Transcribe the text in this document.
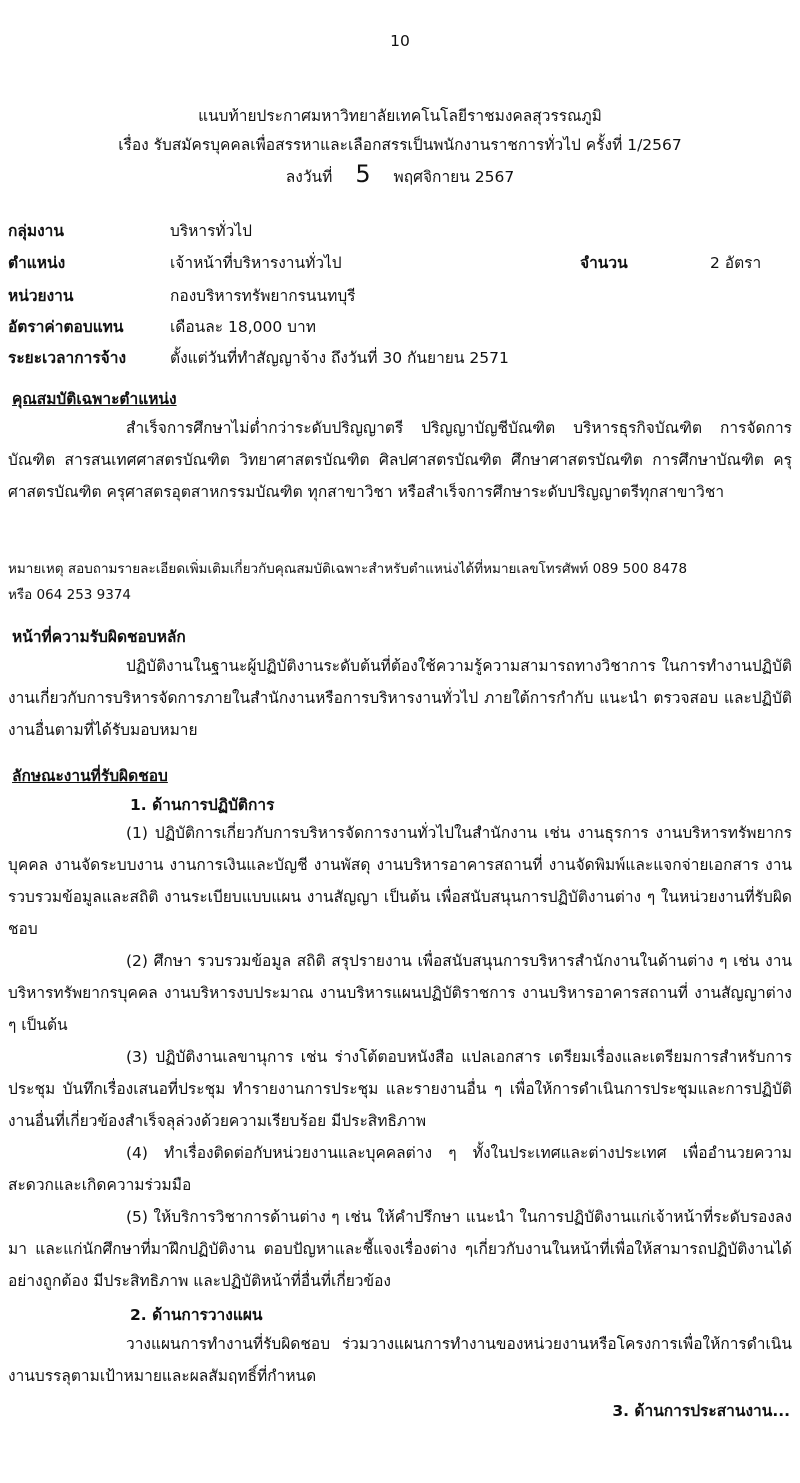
10
แนบท้ายประกาศมหาวิทยาลัยเทคโนโลยีราชมงคลสุวรรณภูมิ
เรื่อง รับสมัครบุคคลเพื่อสรรหาและเลือกสรรเป็นพนักงานราชการทั่วไป ครั้งที่ 1/2567
ลงวันที่ 5 พฤศจิกายน 2567
กลุ่มงาน	บริหารทั่วไป
ตำแหน่ง	เจ้าหน้าที่บริหารงานทั่วไป	จำนวน	2 อัตรา
หน่วยงาน	กองบริหารทรัพยากรนนทบุรี
อัตราค่าตอบแทน	เดือนละ 18,000 บาท
ระยะเวลาการจ้าง	ตั้งแต่วันที่ทำสัญญาจ้าง ถึงวันที่ 30 กันยายน 2571
คุณสมบัติเฉพาะตำแหน่ง
สำเร็จการศึกษาไม่ต่ำกว่าระดับปริญญาตรี ปริญญาบัญชีบัณฑิต บริหารธุรกิจบัณฑิต การจัดการบัณฑิต สารสนเทศศาสตรบัณฑิต วิทยาศาสตรบัณฑิต ศิลปศาสตรบัณฑิต ศึกษาศาสตรบัณฑิต การศึกษาบัณฑิต ครุศาสตรบัณฑิต ครุศาสตรอุตสาหกรรมบัณฑิต ทุกสาขาวิชา หรือสำเร็จการศึกษาระดับปริญญาตรีทุกสาขาวิชา
หมายเหตุ สอบถามรายละเอียดเพิ่มเติมเกี่ยวกับคุณสมบัติเฉพาะสำหรับตำแหน่งได้ที่หมายเลขโทรศัพท์ 089 500 8478
หรือ 064 253 9374
หน้าที่ความรับผิดชอบหลัก
ปฏิบัติงานในฐานะผู้ปฏิบัติงานระดับต้นที่ต้องใช้ความรู้ความสามารถทางวิชาการ ในการทำงานปฏิบัติงานเกี่ยวกับการบริหารจัดการภายในสำนักงานหรือการบริหารงานทั่วไป ภายใต้การกำกับ แนะนำ ตรวจสอบ และปฏิบัติงานอื่นตามที่ได้รับมอบหมาย
ลักษณะงานที่รับผิดชอบ
1. ด้านการปฏิบัติการ
(1) ปฏิบัติการเกี่ยวกับการบริหารจัดการงานทั่วไปในสำนักงาน เช่น งานธุรการ งานบริหารทรัพยากรบุคคล งานจัดระบบงาน งานการเงินและบัญชี งานพัสดุ งานบริหารอาคารสถานที่ งานจัดพิมพ์และแจกจ่ายเอกสาร งานรวบรวมข้อมูลและสถิติ งานระเบียบแบบแผน งานสัญญา เป็นต้น เพื่อสนับสนุนการปฏิบัติงานต่าง ๆ ในหน่วยงานที่รับผิดชอบ
(2) ศึกษา รวบรวมข้อมูล สถิติ สรุปรายงาน เพื่อสนับสนุนการบริหารสำนักงานในด้านต่าง ๆ เช่น งานบริหารทรัพยากรบุคคล งานบริหารงบประมาณ งานบริหารแผนปฏิบัติราชการ งานบริหารอาคารสถานที่ งานสัญญาต่าง ๆ เป็นต้น
(3) ปฏิบัติงานเลขานุการ เช่น ร่างโต้ตอบหนังสือ แปลเอกสาร เตรียมเรื่องและเตรียมการสำหรับการประชุม บันทึกเรื่องเสนอที่ประชุม ทำรายงานการประชุม และรายงานอื่น ๆ เพื่อให้การดำเนินการประชุมและการปฏิบัติงานอื่นที่เกี่ยวข้องสำเร็จลุล่วงด้วยความเรียบร้อย มีประสิทธิภาพ
(4) ทำเรื่องติดต่อกับหน่วยงานและบุคคลต่าง ๆ ทั้งในประเทศและต่างประเทศ เพื่ออำนวยความสะดวกและเกิดความร่วมมือ
(5) ให้บริการวิชาการด้านต่าง ๆ เช่น ให้คำปรึกษา แนะนำ ในการปฏิบัติงานแก่เจ้าหน้าที่ระดับรองลงมา และแก่นักศึกษาที่มาฝึกปฏิบัติงาน ตอบปัญหาและชี้แจงเรื่องต่าง ๆเกี่ยวกับงานในหน้าที่เพื่อให้สามารถปฏิบัติงานได้อย่างถูกต้อง มีประสิทธิภาพ และปฏิบัติหน้าที่อื่นที่เกี่ยวข้อง
2. ด้านการวางแผน
วางแผนการทำงานที่รับผิดชอบ ร่วมวางแผนการทำงานของหน่วยงานหรือโครงการเพื่อให้การดำเนินงานบรรลุตามเป้าหมายและผลสัมฤทธิ์ที่กำหนด
3. ด้านการประสานงาน...
